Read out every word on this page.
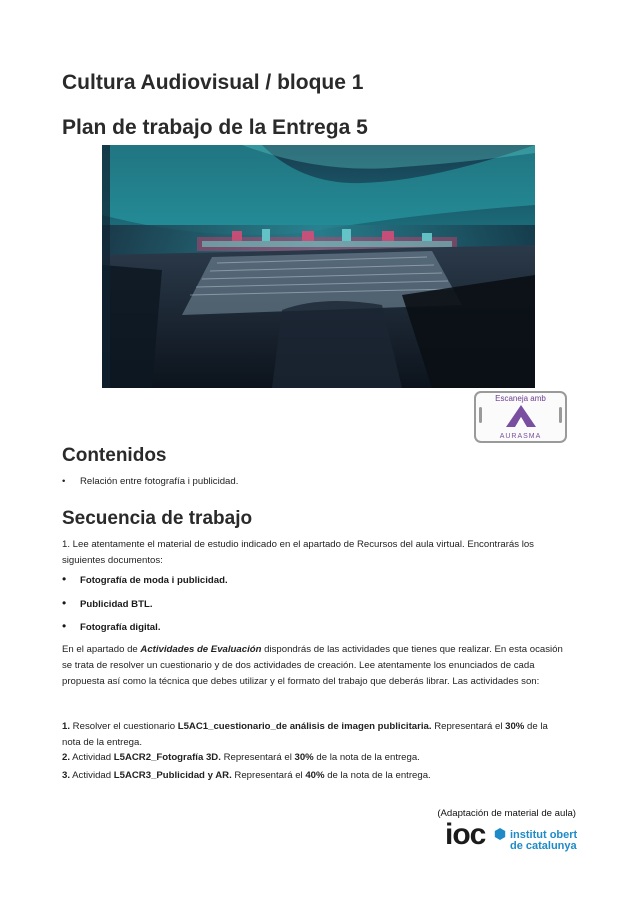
Cultura Audiovisual / bloque 1
Plan de trabajo de la Entrega 5
Escaneja amb
AURASMA
Contenidos
• Relación entre fotografía i publicidad.
Secuencia de trabajo

1. Lee atentamente el material de estudio indicado en el apartado de Recursos del aula virtual. Encontrarás los siguientes documentos:

• Fotografía de moda i publicidad.
• Publicidad BTL.
• Fotografía digital.

En el apartado de Actividades de Evaluación dispondrás de las actividades que tienes que realizar. En esta ocasión se trata de resolver un cuestionario y de dos actividades de creación. Lee atentamente los enunciados de cada propuesta así como la técnica que debes utilizar y el formato del trabajo que deberás librar. Las actividades son:

1. Resolver el cuestionario L5AC1_cuestionario_de análisis de imagen publicitaria. Representará el 30% de la nota de la entrega.

2. Actividad L5ACR2_Fotografía 3D. Representará el 30% de la nota de la entrega.

3. Actividad L5ACR3_Publicidad y AR. Representará el 40% de la nota de la entrega.

(Adaptación de material de aula)
ioc institut obert
de catalunya
